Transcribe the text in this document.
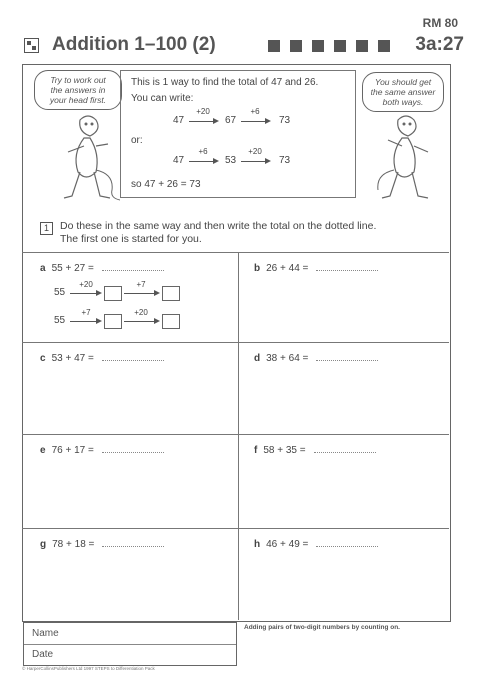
RM 80
Addition 1–100 (2)	3a:27
Try to work out
the answers in
your head first.
You should get
the same answer
both ways.
This is 1 way to find the total of 47 and 26.
You can write:
47
+20
67
+6
73
or:
47
+6
53
+20
73
so 47 + 26 = 73
1	Do these in the same way and then write the total on the dotted line.
The first one is started for you.
a 55 + 27 =	b 26 + 44 =
55
+20	+7
55
+7	+20
c 53 + 47 =	d 38 + 64 =
e 76 + 17 =	f 58 + 35 =
g 78 + 18 =	h 46 + 49 =
Name
Date
Adding pairs of two-digit numbers by counting on.
© HarperCollinsPublishers Ltd 1997 STEPS to Differentiation Pack
